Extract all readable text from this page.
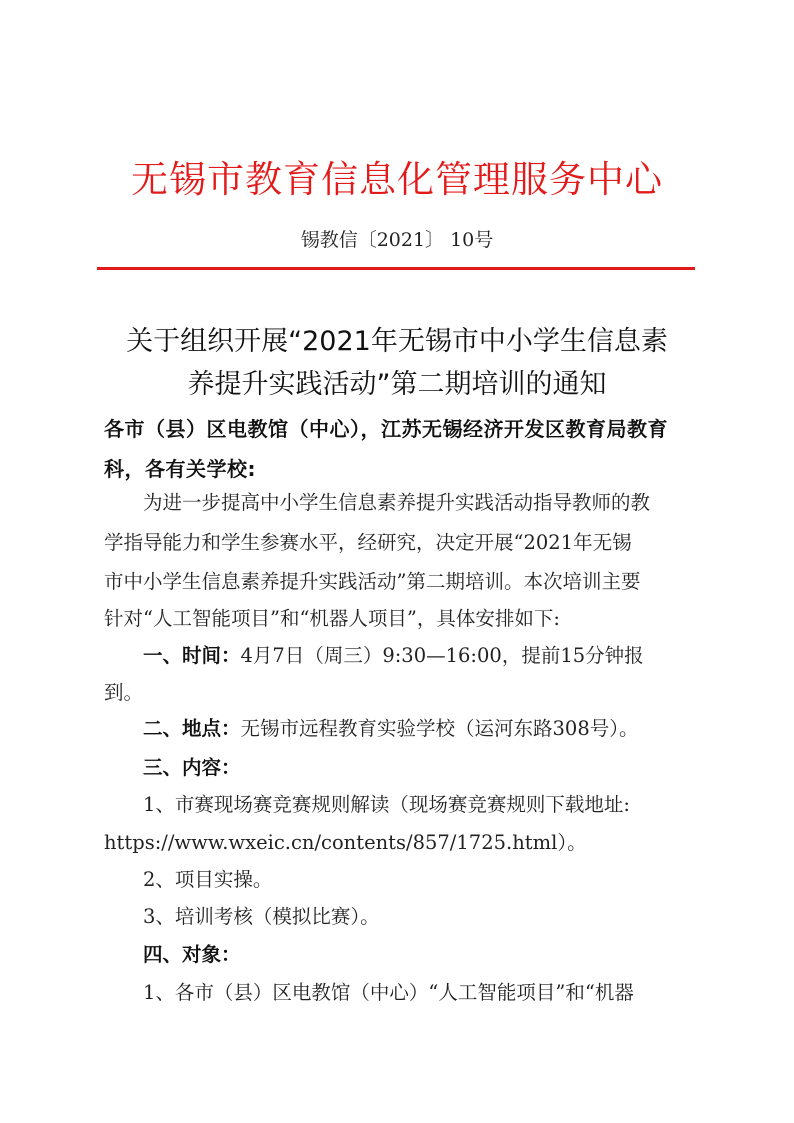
无锡市教育信息化管理服务中心
锡教信〔2021〕 10号
关于组织开展“2021年无锡市中小学生信息素
养提升实践活动”第二期培训的通知
各市（县）区电教馆（中心），江苏无锡经济开发区教育局教育
科，各有关学校:
为进一步提高中小学生信息素养提升实践活动指导教师的教
学指导能力和学生参赛水平，经研究，决定开展“2021年无锡
市中小学生信息素养提升实践活动”第二期培训。本次培训主要
针对“人工智能项目”和“机器人项目”，具体安排如下:
一、时间：4月7日（周三）9:30—16:00，提前15分钟报
到。
二、地点：无锡市远程教育实验学校（运河东路308号）。
三、内容：
1、市赛现场赛竞赛规则解读（现场赛竞赛规则下载地址:
https://www.wxeic.cn/contents/857/1725.html）。
2、项目实操。
3、培训考核（模拟比赛）。
四、对象：
1、各市（县）区电教馆（中心）“人工智能项目”和“机器
